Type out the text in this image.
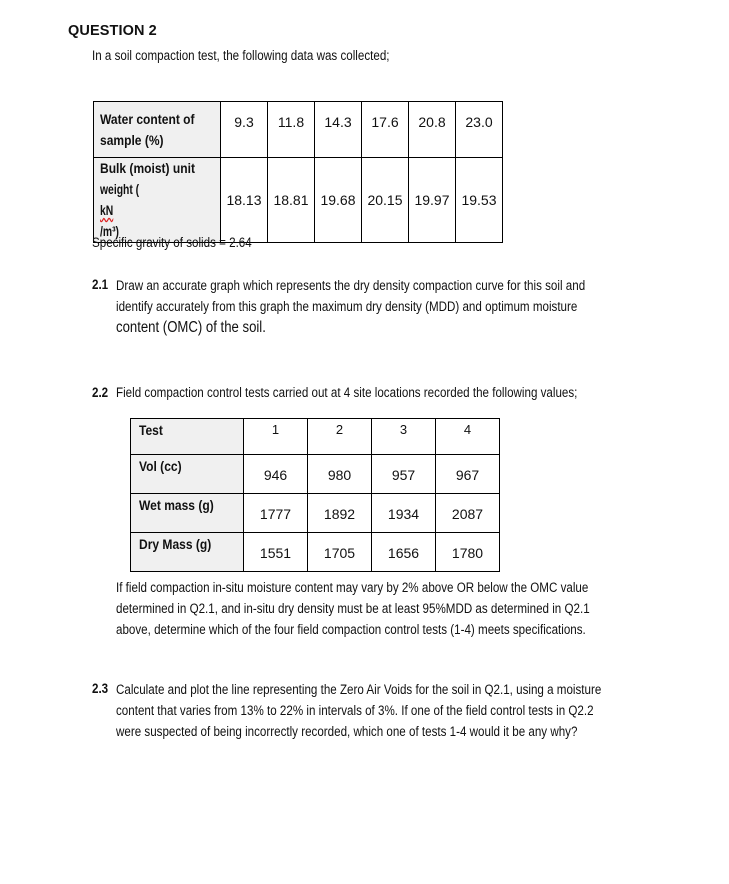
QUESTION 2
In a soil compaction test, the following data was collected;
Water content of
sample (%)	9.3	11.8	14.3	17.6	20.8	23.0

Bulk (moist) unit
weight (
kN
/m³)	18.13	18.81	19.68	20.15	19.97	19.53
Specific gravity of solids = 2.64
2.1 Draw an accurate graph which represents the dry density compaction curve for this soil and
identify accurately from this graph the maximum dry density (MDD) and optimum moisture
content (OMC) of the soil.
2.2 Field compaction control tests carried out at 4 site locations recorded the following values;
Test	1	2	3	4

Vol (cc)	946	980	957	967

Wet mass (g)	1777	1892	1934	2087

Dry Mass (g)	1551	1705	1656	1780
If field compaction in-situ moisture content may vary by 2% above OR below the OMC value
determined in Q2.1, and in-situ dry density must be at least 95%MDD as determined in Q2.1
above, determine which of the four field compaction control tests (1-4) meets specifications.
2.3 Calculate and plot the line representing the Zero Air Voids for the soil in Q2.1, using a moisture
content that varies from 13% to 22% in intervals of 3%. If one of the field control tests in Q2.2
were suspected of being incorrectly recorded, which one of tests 1-4 would it be any why?
